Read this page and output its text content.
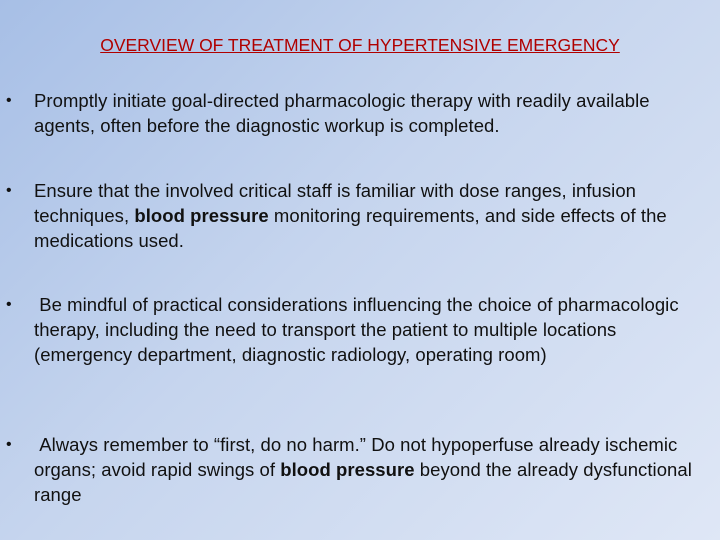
OVERVIEW OF TREATMENT OF HYPERTENSIVE EMERGENCY
•	Promptly initiate goal-directed pharmacologic therapy with readily available agents, often before the diagnostic workup is completed.
•	Ensure that the involved critical staff is familiar with dose ranges, infusion techniques, blood pressure monitoring requirements, and side effects of the medications used.
•	Be mindful of practical considerations influencing the choice of pharmacologic therapy, including the need to transport the patient to multiple locations (emergency department, diagnostic radiology, operating room)
•	Always remember to “first, do no harm.” Do not hypoperfuse already ischemic organs; avoid rapid swings of blood pressure beyond the already dysfunctional range
